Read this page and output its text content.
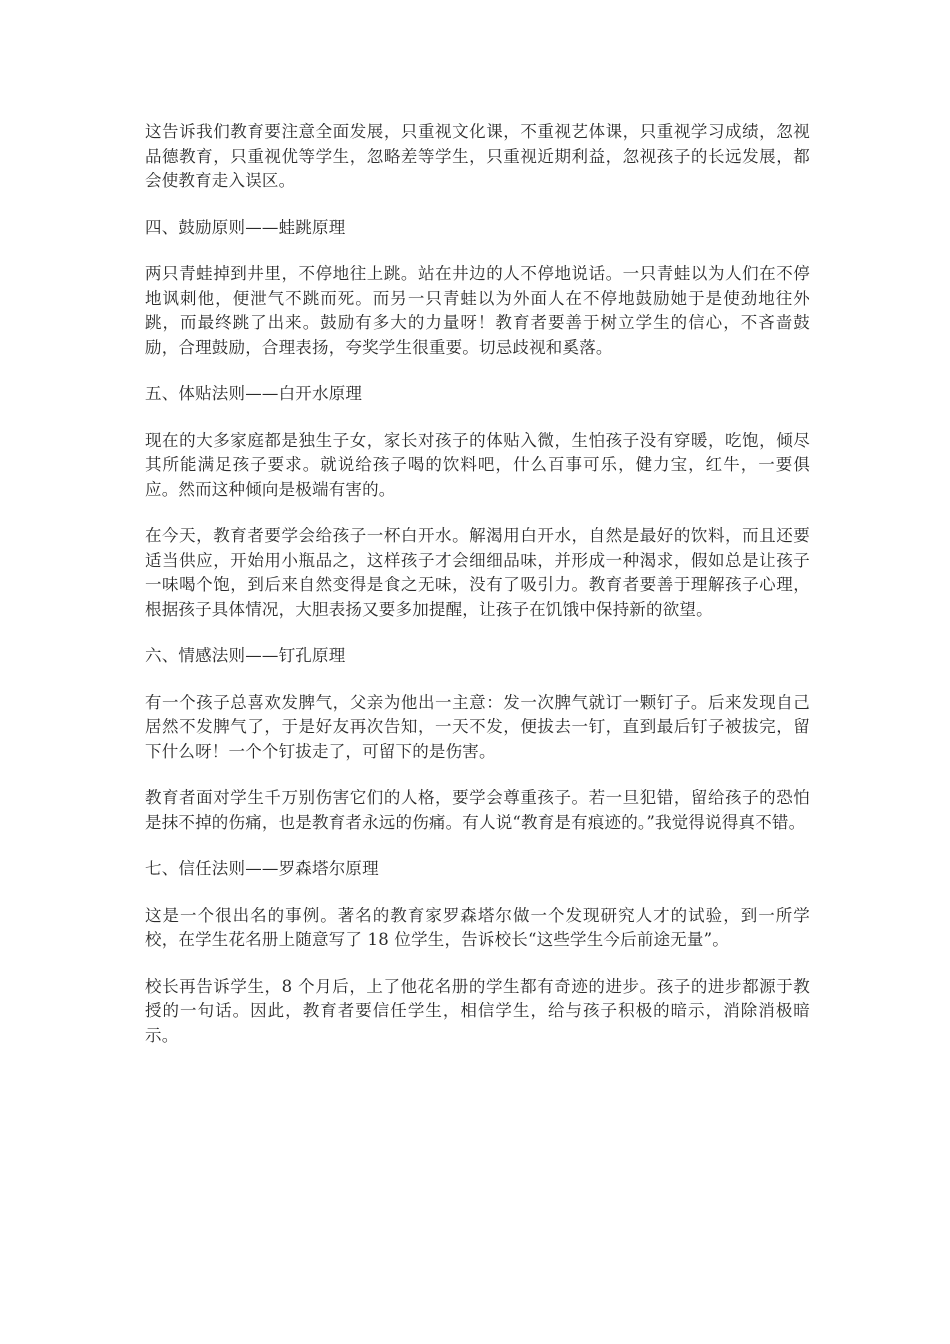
这告诉我们教育要注意全面发展，只重视文化课，不重视艺体课，只重视学习成绩，忽视品德教育，只重视优等学生，忽略差等学生，只重视近期利益，忽视孩子的长远发展，都会使教育走入误区。

四、鼓励原则——蛙跳原理

两只青蛙掉到井里，不停地往上跳。站在井边的人不停地说话。一只青蛙以为人们在不停地讽刺他，便泄气不跳而死。而另一只青蛙以为外面人在不停地鼓励她于是使劲地往外跳，而最终跳了出来。鼓励有多大的力量呀！教育者要善于树立学生的信心，不吝啬鼓励，合理鼓励，合理表扬，夸奖学生很重要。切忌歧视和奚落。

五、体贴法则——白开水原理

现在的大多家庭都是独生子女，家长对孩子的体贴入微，生怕孩子没有穿暖，吃饱，倾尽其所能满足孩子要求。就说给孩子喝的饮料吧，什么百事可乐，健力宝，红牛，一要俱应。然而这种倾向是极端有害的。

在今天，教育者要学会给孩子一杯白开水。解渴用白开水，自然是最好的饮料，而且还要适当供应，开始用小瓶品之，这样孩子才会细细品味，并形成一种渴求，假如总是让孩子一味喝个饱，到后来自然变得是食之无味，没有了吸引力。教育者要善于理解孩子心理，根据孩子具体情况，大胆表扬又要多加提醒，让孩子在饥饿中保持新的欲望。

六、情感法则——钉孔原理

有一个孩子总喜欢发脾气，父亲为他出一主意：发一次脾气就订一颗钉子。后来发现自己居然不发脾气了，于是好友再次告知，一天不发，便拔去一钉，直到最后钉子被拔完，留下什么呀！一个个钉拔走了，可留下的是伤害。

教育者面对学生千万别伤害它们的人格，要学会尊重孩子。若一旦犯错，留给孩子的恐怕是抹不掉的伤痛，也是教育者永远的伤痛。有人说“教育是有痕迹的。”我觉得说得真不错。

七、信任法则——罗森塔尔原理

这是一个很出名的事例。著名的教育家罗森塔尔做一个发现研究人才的试验，到一所学校，在学生花名册上随意写了 18 位学生，告诉校长“这些学生今后前途无量”。

校长再告诉学生，8 个月后，上了他花名册的学生都有奇迹的进步。孩子的进步都源于教授的一句话。因此，教育者要信任学生，相信学生，给与孩子积极的暗示，消除消极暗示。
